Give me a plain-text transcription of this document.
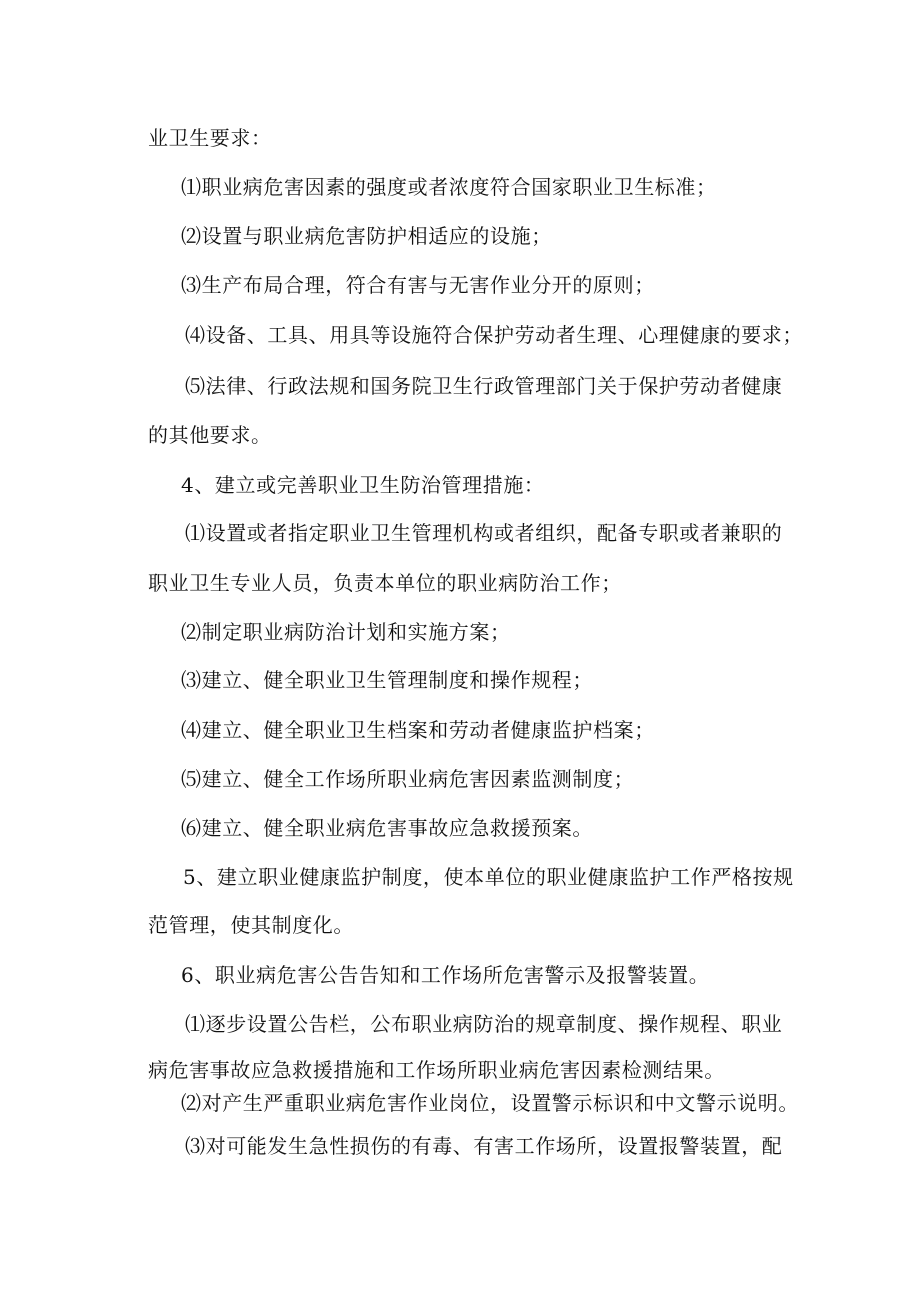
业卫生要求：
⑴职业病危害因素的强度或者浓度符合国家职业卫生标准；
⑵设置与职业病危害防护相适应的设施；
⑶生产布局合理，符合有害与无害作业分开的原则；
⑷设备、工具、用具等设施符合保护劳动者生理、心理健康的要求；
⑸法律、行政法规和国务院卫生行政管理部门关于保护劳动者健康
的其他要求。
4、建立或完善职业卫生防治管理措施：
⑴设置或者指定职业卫生管理机构或者组织，配备专职或者兼职的
职业卫生专业人员，负责本单位的职业病防治工作；
⑵制定职业病防治计划和实施方案；
⑶建立、健全职业卫生管理制度和操作规程；
⑷建立、健全职业卫生档案和劳动者健康监护档案；
⑸建立、健全工作场所职业病危害因素监测制度；
⑹建立、健全职业病危害事故应急救援预案。
5、建立职业健康监护制度，使本单位的职业健康监护工作严格按规
范管理，使其制度化。
6、职业病危害公告告知和工作场所危害警示及报警装置。
⑴逐步设置公告栏，公布职业病防治的规章制度、操作规程、职业
病危害事故应急救援措施和工作场所职业病危害因素检测结果。
⑵对产生严重职业病危害作业岗位，设置警示标识和中文警示说明。
⑶对可能发生急性损伤的有毒、有害工作场所，设置报警装置，配
